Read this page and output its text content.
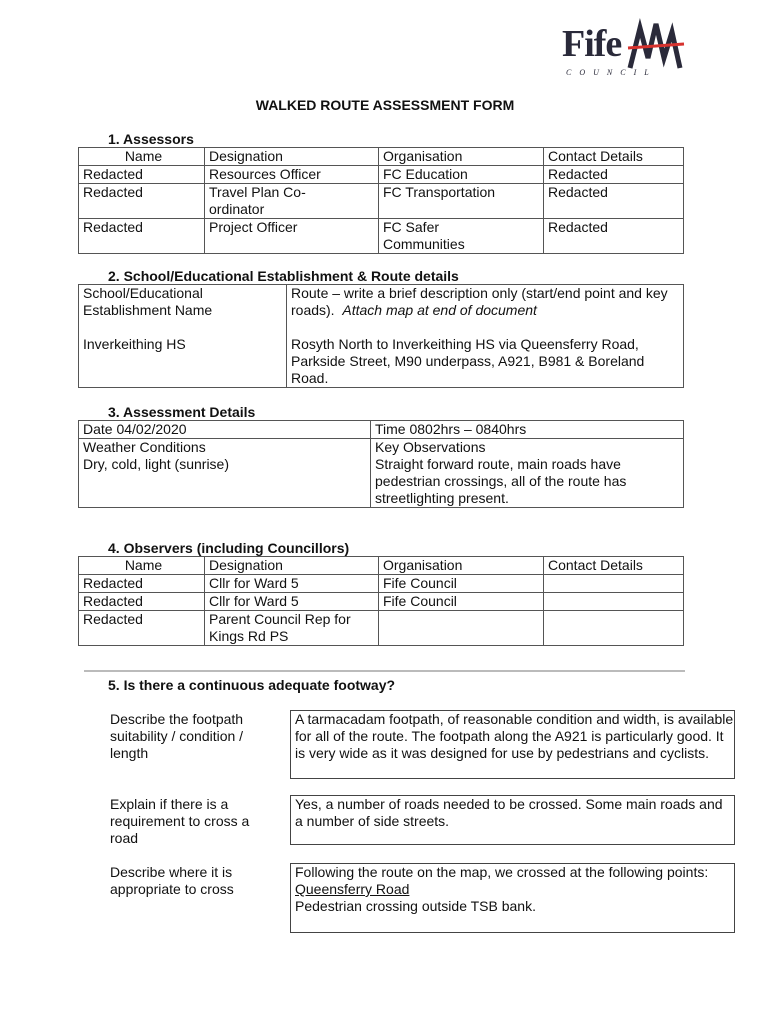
Fife
COUNCIL
WALKED ROUTE ASSESSMENT FORM
1. Assessors
Name	Designation	Organisation	Contact Details
Redacted	Resources Officer	FC Education	Redacted
Redacted	Travel Plan Co-ordinator	FC Transportation	Redacted
Redacted	Project Officer	FC Safer Communities	Redacted
2. School/Educational Establishment & Route details
School/Educational Establishment Name	Route – write a brief description only (start/end point and key roads). Attach map at end of document
Inverkeithing HS	Rosyth North to Inverkeithing HS via Queensferry Road, Parkside Street, M90 underpass, A921, B981 & Boreland Road.
3. Assessment Details
Date 04/02/2020	Time 0802hrs – 0840hrs
Weather Conditions	Key Observations
Dry, cold, light (sunrise)	Straight forward route, main roads have pedestrian crossings, all of the route has streetlighting present.
4. Observers (including Councillors)
Name	Designation	Organisation	Contact Details
Redacted	Cllr for Ward 5	Fife Council	
Redacted	Cllr for Ward 5	Fife Council	
Redacted	Parent Council Rep for Kings Rd PS		
5. Is there a continuous adequate footway?
Describe the footpath suitability / condition / length
A tarmacadam footpath, of reasonable condition and width, is available for all of the route. The footpath along the A921 is particularly good. It is very wide as it was designed for use by pedestrians and cyclists.
Explain if there is a requirement to cross a road
Yes, a number of roads needed to be crossed. Some main roads and a number of side streets.
Describe where it is appropriate to cross
Following the route on the map, we crossed at the following points:
Queensferry Road
Pedestrian crossing outside TSB bank.
